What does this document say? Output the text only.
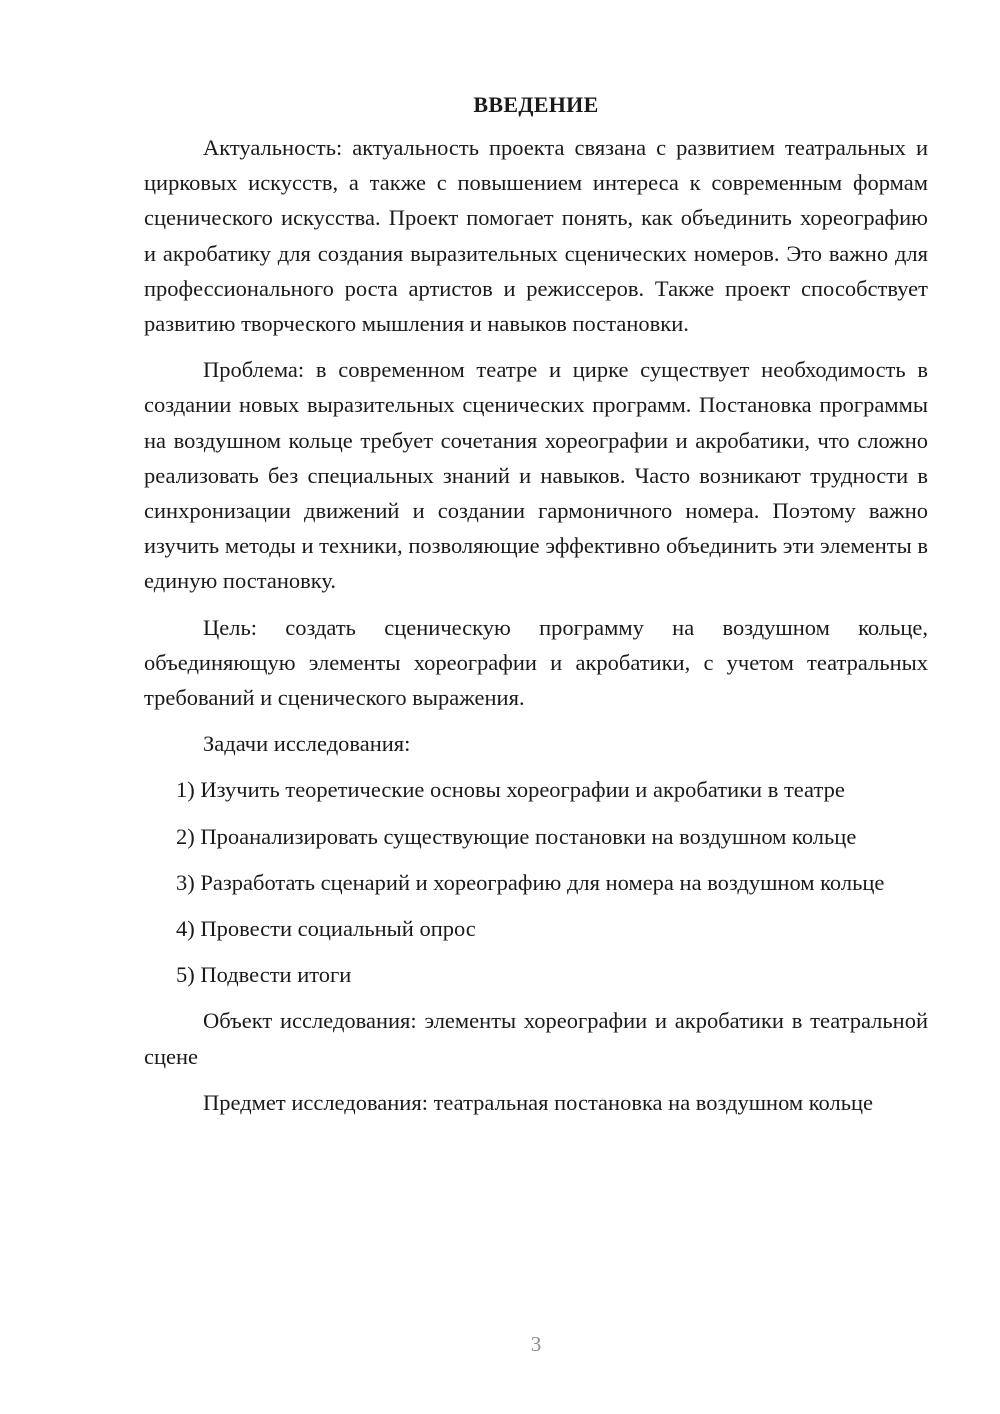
ВВЕДЕНИЕ

Актуальность: актуальность проекта связана с развитием театральных и цирковых искусств, а также с повышением интереса к современным формам сценического искусства. Проект помогает понять, как объединить хореографию и акробатику для создания выразительных сценических номеров. Это важно для профессионального роста артистов и режиссеров. Также проект способствует развитию творческого мышления и навыков постановки.

Проблема: в современном театре и цирке существует необходимость в создании новых выразительных сценических программ. Постановка программы на воздушном кольце требует сочетания хореографии и акробатики, что сложно реализовать без специальных знаний и навыков. Часто возникают трудности в синхронизации движений и создании гармоничного номера. Поэтому важно изучить методы и техники, позволяющие эффективно объединить эти элементы в единую постановку.

Цель: создать сценическую программу на воздушном кольце, объединяющую элементы хореографии и акробатики, с учетом театральных требований и сценического выражения.

Задачи исследования:

1) Изучить теоретические основы хореографии и акробатики в театре

2) Проанализировать существующие постановки на воздушном кольце

3) Разработать сценарий и хореографию для номера на воздушном кольце

4) Провести социальный опрос

5) Подвести итоги

Объект исследования: элементы хореографии и акробатики в театральной сцене

Предмет исследования: театральная постановка на воздушном кольце

3
